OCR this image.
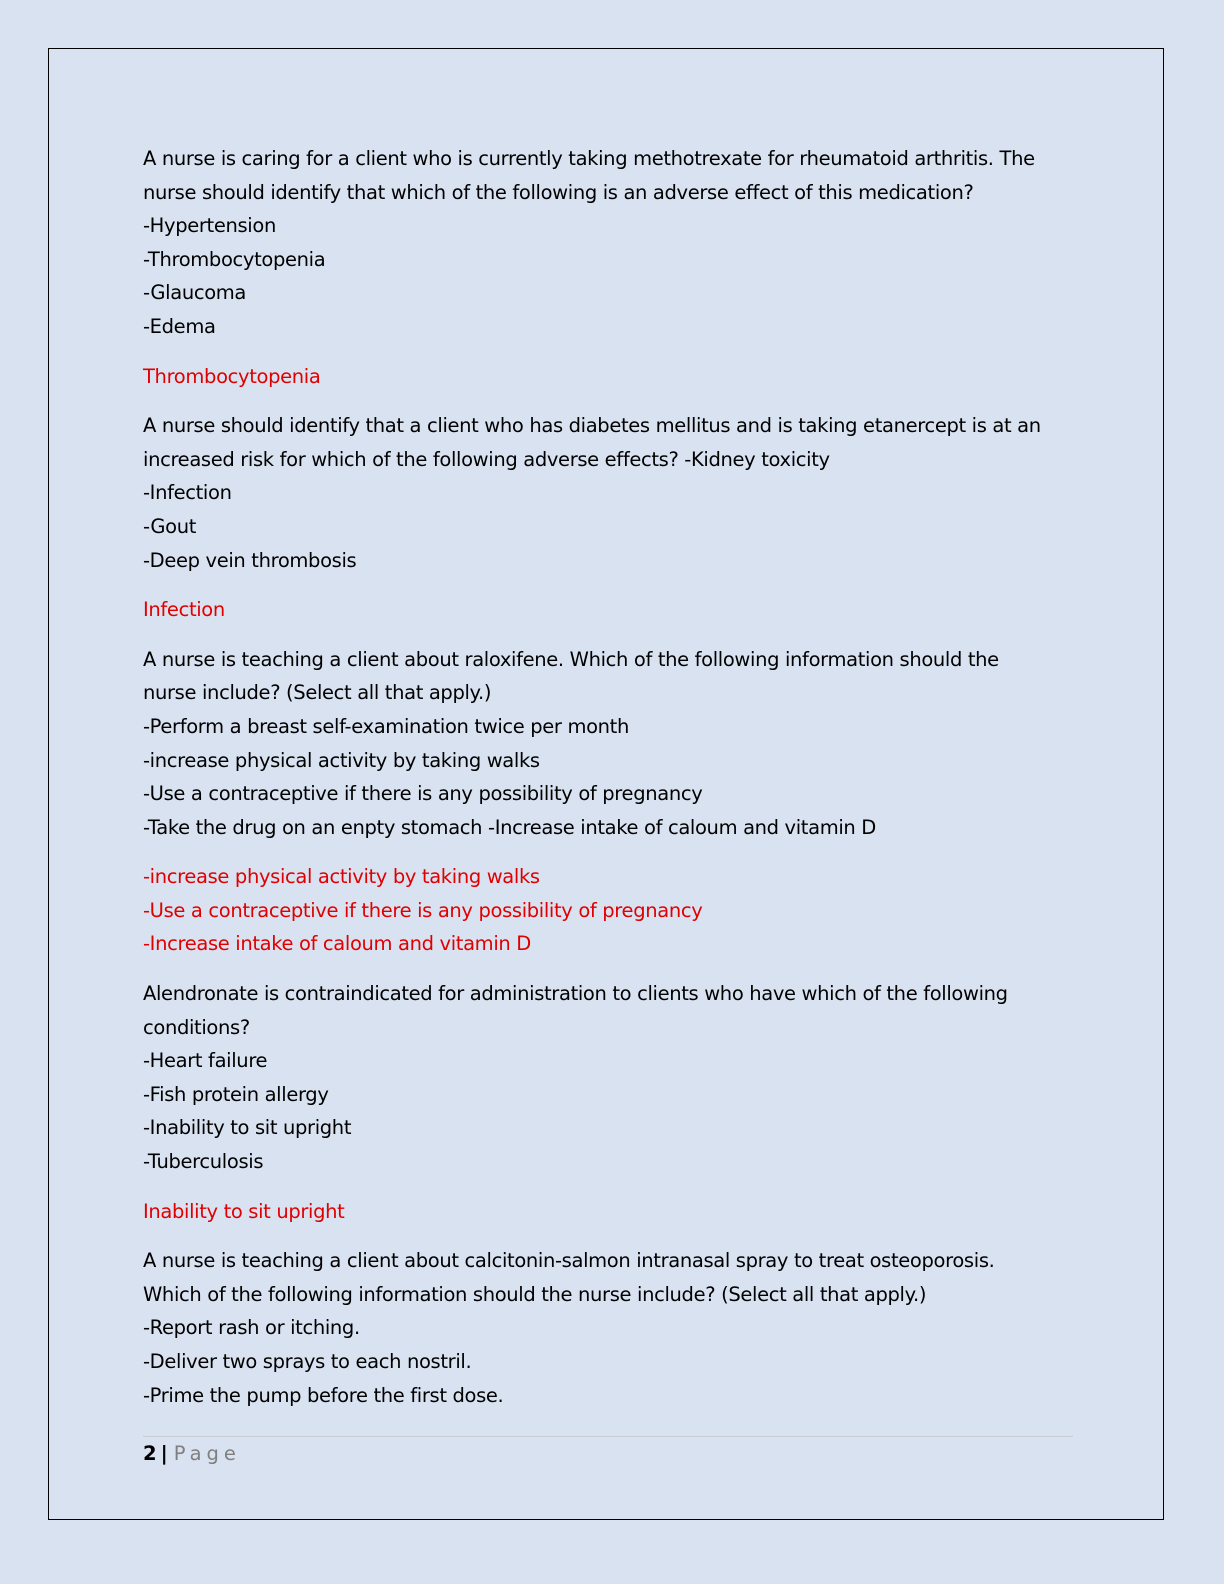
A nurse is caring for a client who is currently taking methotrexate for rheumatoid arthritis. The
nurse should identify that which of the following is an adverse effect of this medication?
-Hypertension
-Thrombocytopenia
-Glaucoma
-Edema
Thrombocytopenia
A nurse should identify that a client who has diabetes mellitus and is taking etanercept is at an
increased risk for which of the following adverse effects? -Kidney toxicity
-Infection
-Gout
-Deep vein thrombosis
Infection
A nurse is teaching a client about raloxifene. Which of the following information should the
nurse include? (Select all that apply.)
-Perform a breast self-examination twice per month
-increase physical activity by taking walks
-Use a contraceptive if there is any possibility of pregnancy
-Take the drug on an enpty stomach -Increase intake of caloum and vitamin D
-increase physical activity by taking walks
-Use a contraceptive if there is any possibility of pregnancy
-Increase intake of caloum and vitamin D
Alendronate is contraindicated for administration to clients who have which of the following
conditions?
-Heart failure
-Fish protein allergy
-Inability to sit upright
-Tuberculosis
Inability to sit upright
A nurse is teaching a client about calcitonin-salmon intranasal spray to treat osteoporosis.
Which of the following information should the nurse include? (Select all that apply.)
-Report rash or itching.
-Deliver two sprays to each nostril.
-Prime the pump before the first dose.
2 | Page
